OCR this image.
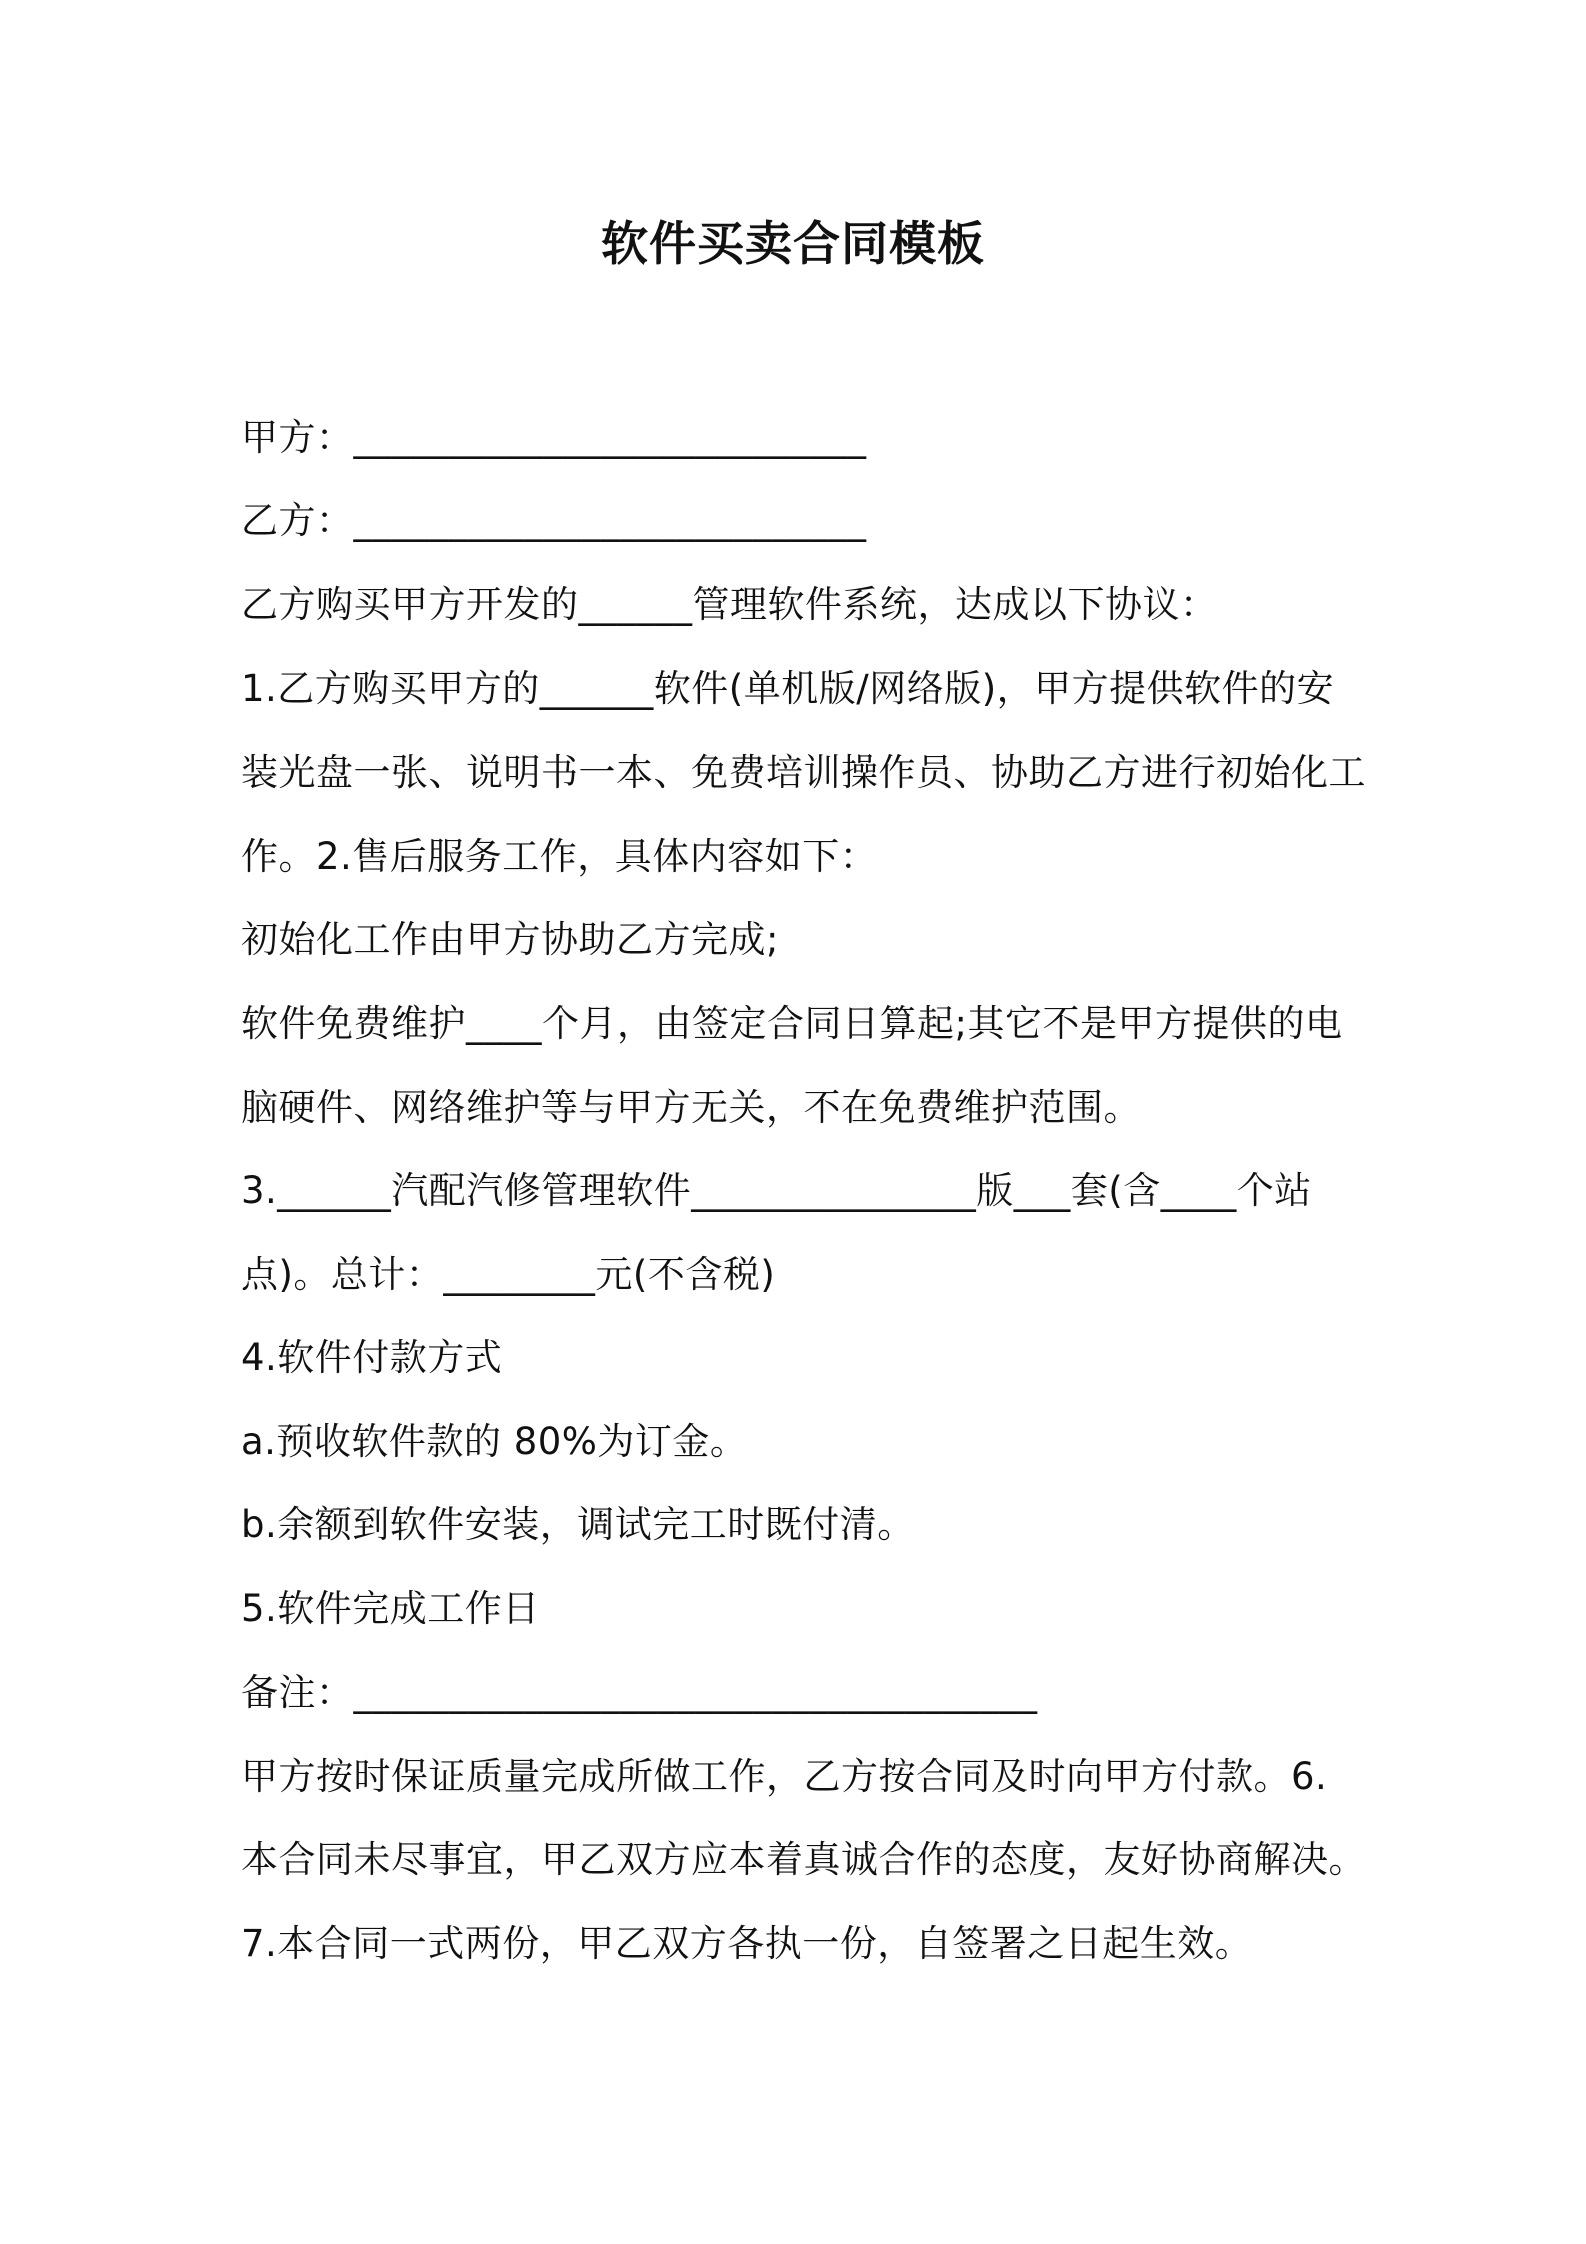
软件买卖合同模板

甲方：___________________________

乙方：___________________________

乙方购买甲方开发的______管理软件系统，达成以下协议：

1.乙方购买甲方的______软件(单机版/网络版)，甲方提供软件的安

装光盘一张、说明书一本、免费培训操作员、协助乙方进行初始化工

作。2.售后服务工作，具体内容如下：

初始化工作由甲方协助乙方完成;

软件免费维护____个月，由签定合同日算起;其它不是甲方提供的电

脑硬件、网络维护等与甲方无关，不在免费维护范围。

3.______汽配汽修管理软件_______________版___套(含____个站

点)。总计：________元(不含税)

4.软件付款方式

a.预收软件款的 80%为订金。

b.余额到软件安装，调试完工时既付清。

5.软件完成工作日

备注：____________________________________

甲方按时保证质量完成所做工作，乙方按合同及时向甲方付款。6.

本合同未尽事宜，甲乙双方应本着真诚合作的态度，友好协商解决。

7.本合同一式两份，甲乙双方各执一份，自签署之日起生效。
